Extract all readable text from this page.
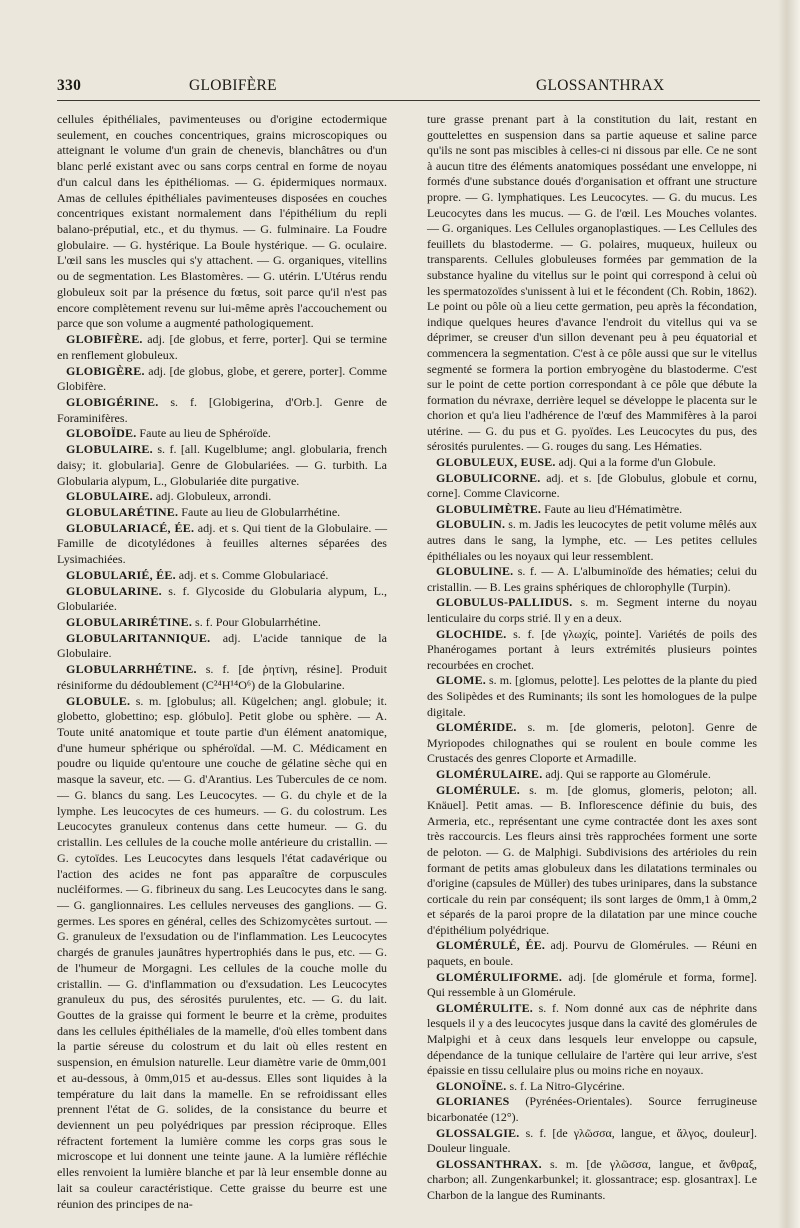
330	GLOBIFÈRE	GLOSSANTHRAX

cellules épithéliales, pavimenteuses ou d'origine ectodermique seulement, en couches concentriques, grains microscopiques ou atteignant le volume d'un grain de chenevis, blanchâtres ou d'un blanc perlé existant avec ou sans corps central en forme de noyau d'un calcul dans les épithéliomas. — G. épidermiques normaux. Amas de cellules épithéliales pavimenteuses disposées en couches concentriques existant normalement dans l'épithélium du repli balano-préputial, etc., et du thymus. — G. fulminaire. La Foudre globulaire. — G. hystérique. La Boule hystérique. — G. oculaire. L'œil sans les muscles qui s'y attachent. — G. organiques, vitellins ou de segmentation. Les Blastomères. — G. utérin. L'Utérus rendu globuleux soit par la présence du fœtus, soit parce qu'il n'est pas encore complètement revenu sur lui-même après l'accouchement ou parce que son volume a augmenté pathologiquement.

GLOBIFÈRE. adj. [de globus, et ferre, porter]. Qui se termine en renflement globuleux.

GLOBIGÈRE. adj. [de globus, globe, et gerere, porter]. Comme Globifère.

GLOBIGÉRINE. s. f. [Globigerina, d'Orb.]. Genre de Foraminifères.

GLOBOÏDE. Faute au lieu de Sphéroïde.

GLOBULAIRE. s. f. [all. Kugelblume; angl. globularia, french daisy; it. globularia]. Genre de Globulariées. — G. turbith. La Globularia alypum, L., Globulariée dite purgative.

GLOBULAIRE. adj. Globuleux, arrondi.

GLOBULARÉTINE. Faute au lieu de Globularrhétine.

GLOBULARIACÉ, ÉE. adj. et s. Qui tient de la Globulaire. — Famille de dicotylédones à feuilles alternes séparées des Lysimachiées.

GLOBULARIÉ, ÉE. adj. et s. Comme Globulariacé.

GLOBULARINE. s. f. Glycoside du Globularia alypum, L., Globulariée.

GLOBULARIRÉTINE. s. f. Pour Globularrhétine.

GLOBULARITANNIQUE. adj. L'acide tannique de la Globulaire.

GLOBULARRHÉTINE. s. f. [de ῥητίνη, résine]. Produit résiniforme du dédoublement (C²⁴H¹⁴O⁶) de la Globularine.

GLOBULE. s. m. [globulus; all. Kügelchen; angl. globule; it. globetto, globettino; esp. glóbulo]. Petit globe ou sphère. — A. Toute unité anatomique et toute partie d'un élément anatomique, d'une humeur sphérique ou sphéroïdal. —M. C. Médicament en poudre ou liquide qu'entoure une couche de gélatine sèche qui en masque la saveur, etc. — G. d'Arantius. Les Tubercules de ce nom. — G. blancs du sang. Les Leucocytes. — G. du chyle et de la lymphe. Les leucocytes de ces humeurs. — G. du colostrum. Les Leucocytes granuleux contenus dans cette humeur. — G. du cristallin. Les cellules de la couche molle antérieure du cristallin. — G. cytoïdes. Les Leucocytes dans lesquels l'état cadavérique ou l'action des acides ne font pas apparaître de corpuscules nucléiformes. — G. fibrineux du sang. Les Leucocytes dans le sang. — G. ganglionnaires. Les cellules nerveuses des ganglions. — G. germes. Les spores en général, celles des Schizomycètes surtout. — G. granuleux de l'exsudation ou de l'inflammation. Les Leucocytes chargés de granules jaunâtres hypertrophiés dans le pus, etc. — G. de l'humeur de Morgagni. Les cellules de la couche molle du cristallin. — G. d'inflammation ou d'exsudation. Les Leucocytes granuleux du pus, des sérosités purulentes, etc. — G. du lait. Gouttes de la graisse qui forment le beurre et la crème, produites dans les cellules épithéliales de la mamelle, d'où elles tombent dans la partie séreuse du colostrum et du lait où elles restent en suspension, en émulsion naturelle. Leur diamètre varie de 0mm,001 et au-dessous, à 0mm,015 et au-dessus. Elles sont liquides à la température du lait dans la mamelle. En se refroidissant elles prennent l'état de G. solides, de la consistance du beurre et deviennent un peu polyédriques par pression réciproque. Elles réfractent fortement la lumière comme les corps gras sous le microscope et lui donnent une teinte jaune. A la lumière réfléchie elles renvoient la lumière blanche et par là leur ensemble donne au lait sa couleur caractéristique. Cette graisse du beurre est une réunion des principes de na-

ture grasse prenant part à la constitution du lait, restant en gouttelettes en suspension dans sa partie aqueuse et saline parce qu'ils ne sont pas miscibles à celles-ci ni dissous par elle. Ce ne sont à aucun titre des éléments anatomiques possédant une enveloppe, ni formés d'une substance doués d'organisation et offrant une structure propre. — G. lymphatiques. Les Leucocytes. — G. du mucus. Les Leucocytes dans les mucus. — G. de l'œil. Les Mouches volantes. — G. organiques. Les Cellules organoplastiques. — Les Cellules des feuillets du blastoderme. — G. polaires, muqueux, huileux ou transparents. Cellules globuleuses formées par gemmation de la substance hyaline du vitellus sur le point qui correspond à celui où les spermatozoïdes s'unissent à lui et le fécondent (Ch. Robin, 1862). Le point ou pôle où a lieu cette germation, peu après la fécondation, indique quelques heures d'avance l'endroit du vitellus qui va se déprimer, se creuser d'un sillon devenant peu à peu équatorial et commencera la segmentation. C'est à ce pôle aussi que sur le vitellus segmenté se formera la portion embryogène du blastoderme. C'est sur le point de cette portion correspondant à ce pôle que débute la formation du névraxe, derrière lequel se développe le placenta sur le chorion et qu'a lieu l'adhérence de l'œuf des Mammifères à la paroi utérine. — G. du pus et G. pyoïdes. Les Leucocytes du pus, des sérosités purulentes. — G. rouges du sang. Les Hématies.

GLOBULEUX, EUSE. adj. Qui a la forme d'un Globule.

GLOBULICORNE. adj. et s. [de Globulus, globule et cornu, corne]. Comme Clavicorne.

GLOBULIMÈTRE. Faute au lieu d'Hématimètre.

GLOBULIN. s. m. Jadis les leucocytes de petit volume mêlés aux autres dans le sang, la lymphe, etc. — Les petites cellules épithéliales ou les noyaux qui leur ressemblent.

GLOBULINE. s. f. — A. L'albuminoïde des hématies; celui du cristallin. — B. Les grains sphériques de chlorophylle (Turpin).

GLOBULUS-PALLIDUS. s. m. Segment interne du noyau lenticulaire du corps strié. Il y en a deux.

GLOCHIDE. s. f. [de γλωχίς, pointe]. Variétés de poils des Phanérogames portant à leurs extrémités plusieurs pointes recourbées en crochet.

GLOME. s. m. [glomus, pelotte]. Les pelottes de la plante du pied des Solipèdes et des Ruminants; ils sont les homologues de la pulpe digitale.

GLOMÉRIDE. s. m. [de glomeris, peloton]. Genre de Myriopodes chilognathes qui se roulent en boule comme les Crustacés des genres Cloporte et Armadille.

GLOMÉRULAIRE. adj. Qui se rapporte au Glomérule.

GLOMÉRULE. s. m. [de glomus, glomeris, peloton; all. Knäuel]. Petit amas. — B. Inflorescence définie du buis, des Armeria, etc., représentant une cyme contractée dont les axes sont très raccourcis. Les fleurs ainsi très rapprochées forment une sorte de peloton. — G. de Malphigi. Subdivisions des artérioles du rein formant de petits amas globuleux dans les dilatations terminales ou d'origine (capsules de Müller) des tubes urinipares, dans la substance corticale du rein par conséquent; ils sont larges de 0mm,1 à 0mm,2 et séparés de la paroi propre de la dilatation par une mince couche d'épithélium polyédrique.

GLOMÉRULÉ, ÉE. adj. Pourvu de Glomérules. — Réuni en paquets, en boule.

GLOMÉRULIFORME. adj. [de glomérule et forma, forme]. Qui ressemble à un Glomérule.

GLOMÉRULITE. s. f. Nom donné aux cas de néphrite dans lesquels il y a des leucocytes jusque dans la cavité des glomérules de Malpighi et à ceux dans lesquels leur enveloppe ou capsule, dépendance de la tunique cellulaire de l'artère qui leur arrive, s'est épaissie en tissu cellulaire plus ou moins riche en noyaux.

GLONOÏNE. s. f. La Nitro-Glycérine.

GLORIANES (Pyrénées-Orientales). Source ferrugineuse bicarbonatée (12°).

GLOSSALGIE. s. f. [de γλῶσσα, langue, et ἄλγος, douleur]. Douleur linguale.

GLOSSANTHRAX. s. m. [de γλῶσσα, langue, et ἄνθραξ, charbon; all. Zungenkarbunkel; it. glossantrace; esp. glosantrax]. Le Charbon de la langue des Ruminants.
